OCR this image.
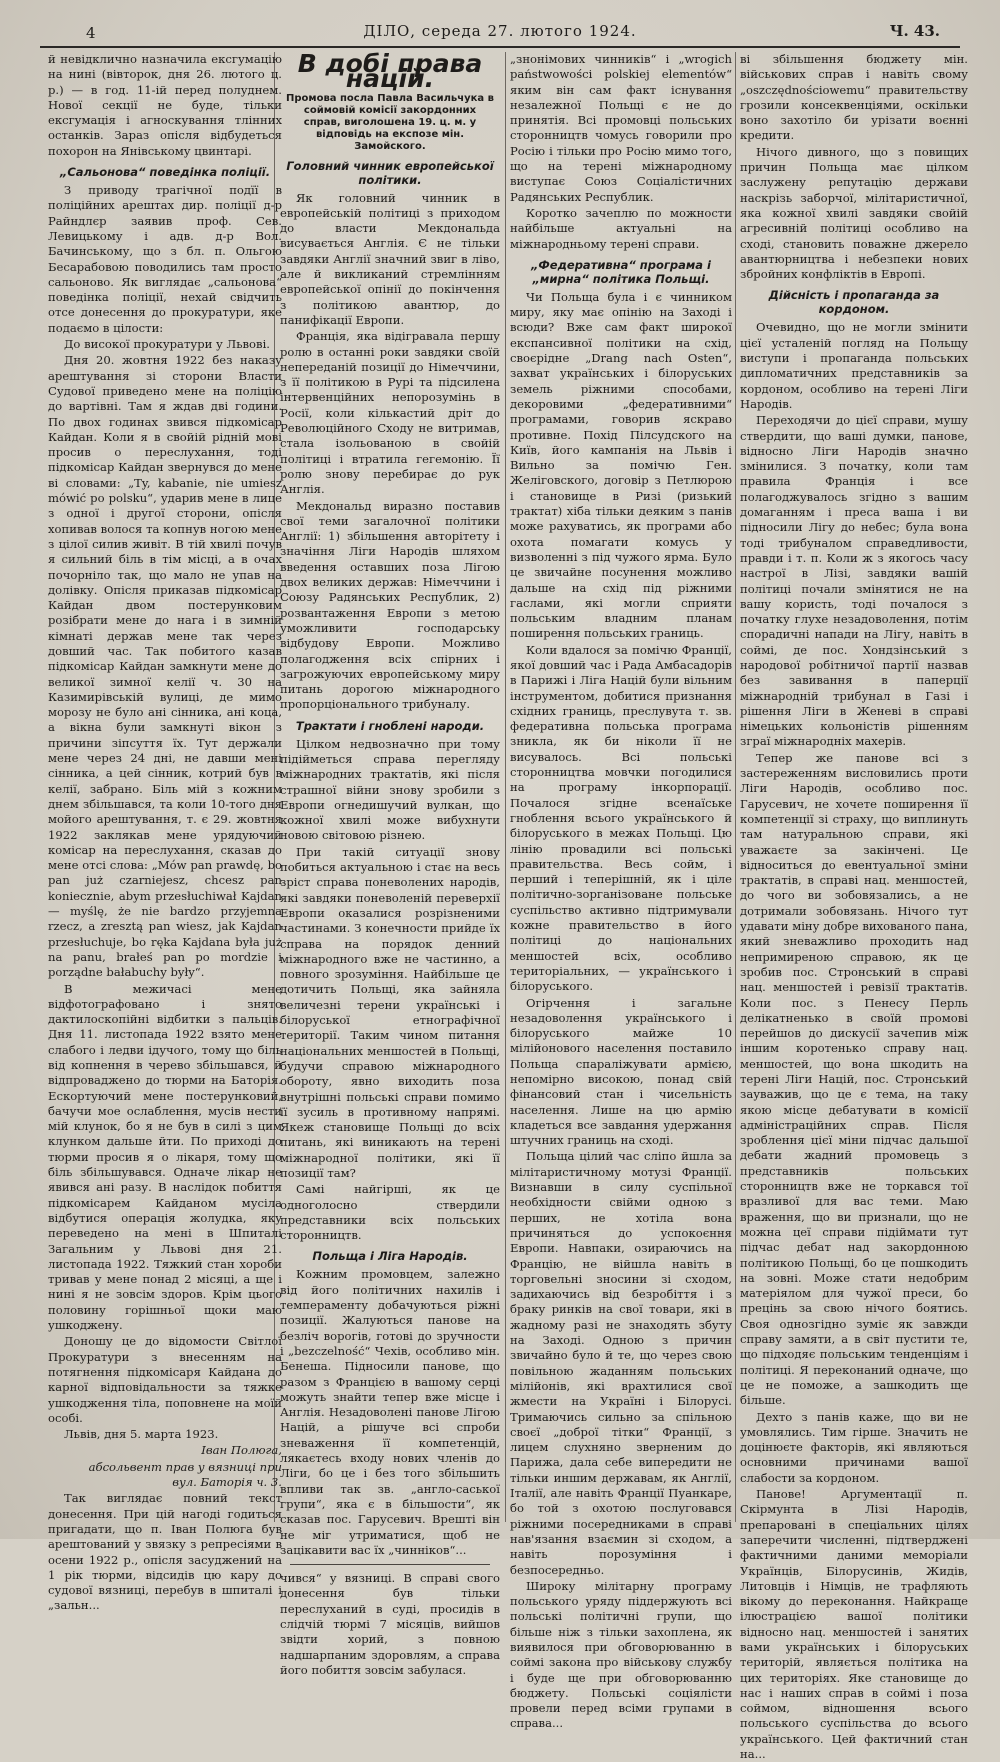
4	ДІЛО, середа 27. лютого 1924.	Ч. 43.

й невідклично назначила ексгумацію на нині (вівторок, дня 26. лютого ц. р.) — в год. 11-ій перед полуднем. Нової секції не буде, тільки ексгумація і агноскування тлінних останків. Зараз опісля відбудеться похорон на Янівському цвинтарі.

„Сальонова“ поведінка поліції.

З приводу трагічної подїї в поліційних арештах дир. поліції д-р Райндлєр заявив проф. Сев. Левицькому і адв. д-р Вол. Бачинському, що з бл. п. Ольгою Бесарабовою поводились там просто сальоново. Як виглядає „сальонова“ поведінка поліції, нехай свідчить отсе донесення до прокуратури, яке подаємо в цілости:

До високої прокуратури у Львові.

Дня 20. жовтня 1922 без наказу арештування зі сторони Власти Судової приведено мене на поліцію до вартівні. Там я ждав дві години. По двох годинах звився підкомісар Кайдан. Коли я в свойій рідній мові просив о переслухання, тоді підкомісар Кайдан звернувся до мене ві словами: „Ty, kabanie, nie umiesz mówić po polsku“, ударив мене в лице з одної і другої сторони, опісля хопивав волося та копнув ногою мене з цілої силив живіт. В тій хвилі почув я сильний біль в тім місці, а в очах почорніло так, що мало не упав на долівку. Опісля приказав підкомісар Кайдан двом постерунковим розібрати мене до нага і в зимній кімнаті держав мене так через довший час. Так побитого казав підкомісар Кайдан замкнути мене до великої зимної келії ч. 30 на Казимирівській вулиці, де мимо морозу не було ані сінника, ані коца, а вікна були замкнуті вікон з причини зіпсуття їх. Тут держали мене через 24 дні, не давши мені сінника, а цей сінник, котрий був в келії, забрано. Біль мій з кожним днем збільшався, та коли 10-того дня мойого арештування, т. є 29. жовтня 1922 заклякав мене урядуючий комісар на переслухання, сказав до мене отсі слова: „Mów pan prawdę, bo pan już czarniejesz, chcesz pan koniecznie, abym przesłuchiwał Kajdan — myślę, że nie bardzo przyjemna rzecz, a zresztą pan wiesz, jak Kajdan przesłuchuje, bo ręka Kajdana była już na panu, brałeś pan po mordzie i porządne bałabuchy były“.

В межичасі мене відфотографовано і знято дактилоскопійні відбитки з пальців. Дня 11. листопада 1922 взято мене слабого і ледви ідучого, тому що біль від копнення в черево збільшався, й відпроваджено до тюрми на Баторія. Ескортуючий мене постерунковий, бачучи мое ослаблення, мусів нести мій клунок, бо я не був в силі з цим клунком дальше йти. По приході до тюрми просив я о лікаря, тому що біль збільшувався. Одначе лікар не явився ані разу. В наслідок побиття підкомісарем Кайданом мусіла відбутися операція жолудка, яку переведено на мені в Шпиталі Загальним у Львові дня 21. листопада 1922. Тяжкий стан хороби тривав у мене понад 2 місяці, а ще і нині я не зовсім здоров. Крім цього половину горішньої щоки маю ушкоджену.

Доношу це до відомости Світлої Прокуратури з внесенням на потягнення підкомісаря Кайдана до карної відповідальности за тяжке ушкодження тіла, поповнене на моїй особі.

Львів, дня 5. марта 1923.

Іван Полюга,

абсольвент прав у вязниці при вул. Баторія ч. 3.

Так виглядає повний текст донесення. При цій нагоді годиться пригадати, що п. Іван Полюга був арештований у звязку з репресіями в осени 1922 р., опісля засуджений на 1 рік тюрми, відсидів цю кару до судової вязниці, перебув в шпиталі і „зальн...

В добі права націй.
Промова посла Павла Васильчука в соймовій комісії закордонних справ, виголошена 19. ц. м. у відповідь на експозе мін. Замойского.
Головний чинник европейської політики.

Як головний чинник в европейській політиці з приходом до власти Мекдональда висувається Англія. Є не тільки завдяки Англії значний звиг в ліво, але й викликаний стремлінням европейської опінії до покінчення з політикою авантюр, до панифікації Европи.

Франція, яка відігравала першу ролю в останні роки завдяки своїй непереданій позиції до Німеччини, з її політикою в Рурі та підсилена інтервенційних непорозумінь в Росії, коли кількастий дріт до Революційного Сходу не витримав, стала ізольованою в свойій політиці і втратила гегемонію. Її ролю знову перебирає до рук Англія.

Мекдональд виразно поставив свої теми загалочної політики Англії: 1) збільшення авторітету і значіння Ліги Народів шляхом введення оставших поза Лігою двох великих держав: Німеччини і Союзу Радянських Республик, 2) розвантаження Европи з метою уможливити господарську відбудову Европи. Можливо полагодження всіх спірних і загрожуючих европейському миру питань дорогою міжнародного пропорціонального трибуналу.

Трактати і гноблені народи.

Цілком недвозначно при тому підійметься справа перегляду міжнародних трактатів, які після страшної війни знову зробили з Европи огнедишучий вулкан, що кожної хвилі може вибухнути новою світовою різнею.

При такій ситуації знову побиться актуальною і стає на весь зріст справа поневолених народів, які завдяки поневоленій переверхії Европи оказалися розрізненими частинами. З конечности прийде їх справа на порядок денний міжнародного вже не частинно, а повного зрозуміння. Найбільше це дотичить Польщі, яка зайняла величезні терени українські і білоруської етнографічної території. Таким чином питання національних меншостей в Польщі, будучи справою міжнародного обороту, явно виходить поза внутрішні польські справи помимо її зусиль в противному напрямі. Якеж становище Польщі до всіх питань, які виникають на терені міжнародної політики, які її позиції там?

Самі найгірші, як це одноголосно ствердили представники всіх польських сторонництв.

Польща і Ліга Народів.

Кожним промовцем, залежно від його політичних нахилів і темпераменту добачуються ріжні позиції. Жалуються панове на безліч ворогів, готові до зручности і „bezczelność“ Чехів, особливо мін. Бенеша. Підносили панове, що разом з Францією в вашому серці можуть знайти тепер вже місце і Англія. Незадоволені панове Лігою Націй, а рішуче всі спроби зневаження її компетенцій, лякаєтесь входу нових членів до Ліги, бо це і без того збільшить впливи так зв. „англо-саської групи“, яка є в більшости“, як сказав пос. Гарусевич. Врешті він не міг утриматися, щоб не зацікавити вас їх „чинніков“...

чився“ у вязниці. В справі свого донесення був тільки переслуханий в суді, просидів в слідчій тюрмі 7 місяців, вийшов звідти хорий, з повною надшарпаним здоровлям, а справа його побиття зовсім забулася.

„знонімових чинників“ і „wrogich państwowości polskiej elementów“ яким він сам факт існування незалежної Польщі є не до принятія. Всі промовці польських сторонництв чомусь говорили про Росію і тільки про Росію мимо того, що на терені міжнародному виступає Союз Соціалістичних Радянських Республик.

Коротко зачеплю по можности найбільше актуальні на міжнародньому терені справи.

„Федеративна“ програма і „мирна“ політика Польщі.

Чи Польща була і є чинником миру, яку має опінію на Заході і всюди? Вже сам факт широкої експансивної політики на схід, своєрідне „Drang nach Osten“, захват українських і білоруських земель ріжними способами, декоровими „федеративними“ програмами, говорив яскраво противне. Похід Пілсудского на Київ, його кампанія на Львів і Вильно за помічю Ген. Желіговского, договір з Петлюрою і становище в Ризі (ризький трактат) хіба тільки деяким з панів може рахуватись, як програми або охота помагати комусь у визволенні з під чужого ярма. Було це звичайне посунення можливо дальше на схід під ріжними гаслами, які могли сприяти польським владним планам поширення польських границь.

Коли вдалося за помічю Франції, якої довший час і Рада Амбасадорів в Парижі і Ліга Націй були вільним інструментом, добитися признання східних границь, преслувута т. зв. федеративна польська програма зникла, як би ніколи її не висувалось. Всі польські сторонництва мовчки погодилися на програму інкорпорації. Почалося згідне всенаїське гноблення всього українського й білоруського в межах Польщі. Цю лінію провадили всі польські правительства. Весь сойм, і перший і теперішній, як і ціле політично-зорганізоване польське суспільство активно підтримували кожне правительство в його політиці до національних меншостей всіх, особливо територіальних, — українського і білоруського.

Огірчення і загальне незадоволення українського і білоруського майже 10 мілійонового населення поставило Польща спараліжувати армією, непомірно високою, понад свій фінансовий стан і чисельність населення. Лише на цю армію кладеться все завдання удержання штучних границь на сході.

Польща цілий час сліпо йшла за мілітаристичному мотузі Франції. Визнавши в силу суспільної необхідности свійми одною з перших, не хотіла вона причиняться до успокоєння Европи. Навпаки, озираючись на Францію, не війшла навіть в торговельні зносини зі сходом, задихаючись від безробіття і з браку ринків на свої товари, які в жадному разі не знаходять збуту на Заході. Одною з причин звичайно було й те, що через свою повільною жаданням польських мілійонів, які врахтилися свої жмести на Україні і Білорусі. Тримаючись сильно за спільною своєї „доброї тітки“ Франції, з лицем слухняно зверненим до Парижа, дала себе випередити не тільки иншим державам, як Англії, Італії, але навіть Франції Пуанкаре, бо той з охотою послуговався ріжними посередниками в справі нав'язання взаємин зі сходом, а навіть порозуміння і безпосередньо.

Широку мілітарну програму польського уряду піддержують всі польські політичні групи, що більше ніж з тільки захоплена, як виявилося при обговорюванню в соймі закона про військову службу і буде ще при обговорюванню бюджету. Польські соціялісти провели перед всіми групами в справа...

ві збільшення бюджету мін. військових справ і навіть свому „oszczędnościowemu“ правительству грозили консеквенціями, оскільки воно захотіло би урізати воєнні кредити.

Нічого дивного, що з повищих причин Польща має цілком заслужену репутацію держави наскрізь заборчої, мілітаристичної, яка кожної хвилі завдяки свойій агресивній політиці особливо на сході, становить поважне джерело авантюрництва і небезпеки нових збройних конфліктів в Европі.

Дійсність і пропаганда за кордоном.

Очевидно, що не могли змінити цієї усталеній погляд на Польщу виступи і пропаганда польських дипломатичних представників за кордоном, особливо на терені Ліги Народів.

Переходячи до цієї справи, мушу ствердити, що ваші думки, панове, відносно Ліги Народів значно змінилися. З початку, коли там правила Франція і все полагоджувалось згідно з вашим домаганням і преса ваша і ви підносили Лігу до небес; була вона тоді трибуналом справедливости, правди і т. п. Коли ж з якогось часу настрої в Лізі, завдяки вашій політиці почали змінятися не на вашу користь, тоді почалося з початку глухе незадоволення, потім спорадичні напади на Лігу, навіть в соймі, де пос. Хондзінський з народової робітничої партії назвав без завивання в паперції міжнародній трибунал в Газі і рішення Ліги в Женеві в справі німецьких кольоністів рішенням зграї міжнародніх махерів.

Тепер же панове всі з застереженням висловились проти Ліги Народів, особливо пос. Гарусевич, не хочете поширення її компетенції зі страху, що виплинуть там натуральною справи, які уважаєте за закінчені. Це відноситься до евентуальної зміни трактатів, в справі нац. меншостей, до чого ви зобовязались, а не дотримали зобовязань. Нічого тут удавати міну добре вихованого пана, який зневажливо проходить над непримиреною справою, як це зробив пос. Стронський в справі нац. меншостей і ревізії трактатів. Коли пос. з Пенесу Перль делікатненько в своїй промові перейшов до дискусії зачепив між іншим коротенько справу нац. меншостей, що вона шкодить на терені Ліги Націй, пос. Стронський зауважив, що це є тема, на таку якою місце дебатувати в комісії адміністраційних справ. Після зроблення цієї міни підчас дальшої дебати жадний промовець з представників польських сторонництв вже не торкався тої вразливої для вас теми. Маю враження, що ви признали, що не можна цеї справи підіймати тут підчас дебат над закордонною політикою Польщі, бо це пошкодить на зовні. Може стати недобрим матеріялом для чужої преси, бо прецінь за свою нічого боятись. Своя однозгідно зуміє як завжди справу замяти, а в світ пустити те, що підходяє польським тенденціям і політиці. Я переконаний одначе, що це не поможе, а зашкодить ще більше.

Дехто з панів каже, що ви не умовлялись. Тим гірше. Значить не доцінюєте факторів, які являються основними причинами вашої слабости за кордоном.

Панове! Аргументації п. Скірмунта в Лізі Народів, препаровані в спеціальних цілях заперечити численні, підтверджені фактичними даними меморіали Українців, Білорусинів, Жидів, Литовців і Німців, не трафляють вікому до переконання. Найкраще ілюстрацією вашої політики відносно нац. меншостей і занятих вами українських і білоруських територій, являється політика на цих територіях. Яке становище до нас і наших справ в соймі і поза соймом, відношення всього польського суспільства до всього українського. Цей фактичний стан на...
